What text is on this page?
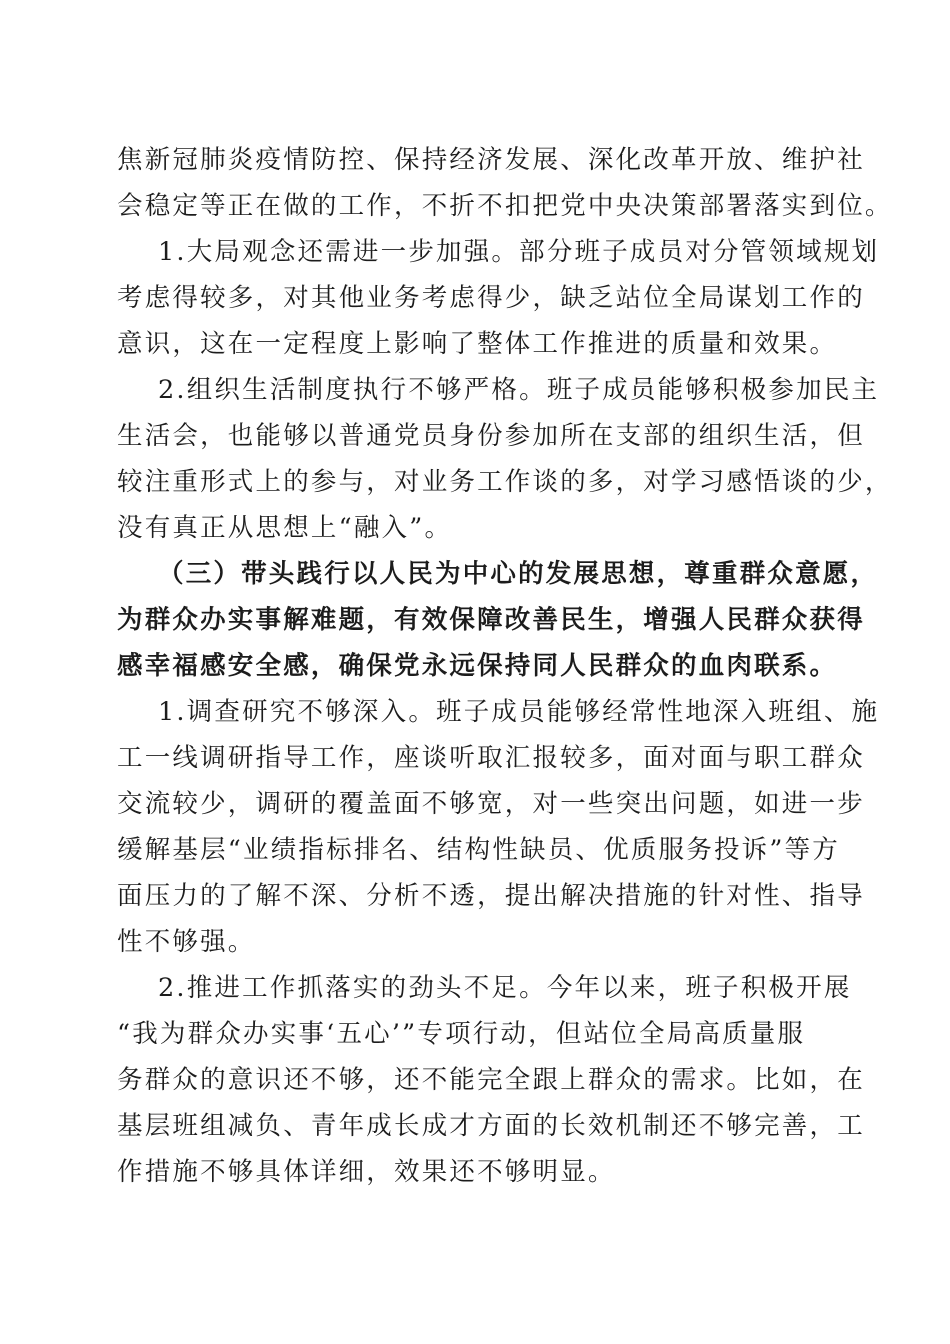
焦新冠肺炎疫情防控、保持经济发展、深化改革开放、维护社
会稳定等正在做的工作，不折不扣把党中央决策部署落实到位。
1.大局观念还需进一步加强。部分班子成员对分管领域规划
考虑得较多，对其他业务考虑得少，缺乏站位全局谋划工作的
意识，这在一定程度上影响了整体工作推进的质量和效果。
2.组织生活制度执行不够严格。班子成员能够积极参加民主
生活会，也能够以普通党员身份参加所在支部的组织生活，但
较注重形式上的参与，对业务工作谈的多，对学习感悟谈的少，
没有真正从思想上“融入”。
（三）带头践行以人民为中心的发展思想，尊重群众意愿，
为群众办实事解难题，有效保障改善民生，增强人民群众获得
感幸福感安全感，确保党永远保持同人民群众的血肉联系。
1.调查研究不够深入。班子成员能够经常性地深入班组、施
工一线调研指导工作，座谈听取汇报较多，面对面与职工群众
交流较少，调研的覆盖面不够宽，对一些突出问题，如进一步
缓解基层“业绩指标排名、结构性缺员、优质服务投诉”等方
面压力的了解不深、分析不透，提出解决措施的针对性、指导
性不够强。
2.推进工作抓落实的劲头不足。今年以来，班子积极开展
“我为群众办实事‘五心’”专项行动，但站位全局高质量服
务群众的意识还不够，还不能完全跟上群众的需求。比如，在
基层班组减负、青年成长成才方面的长效机制还不够完善，工
作措施不够具体详细，效果还不够明显。
